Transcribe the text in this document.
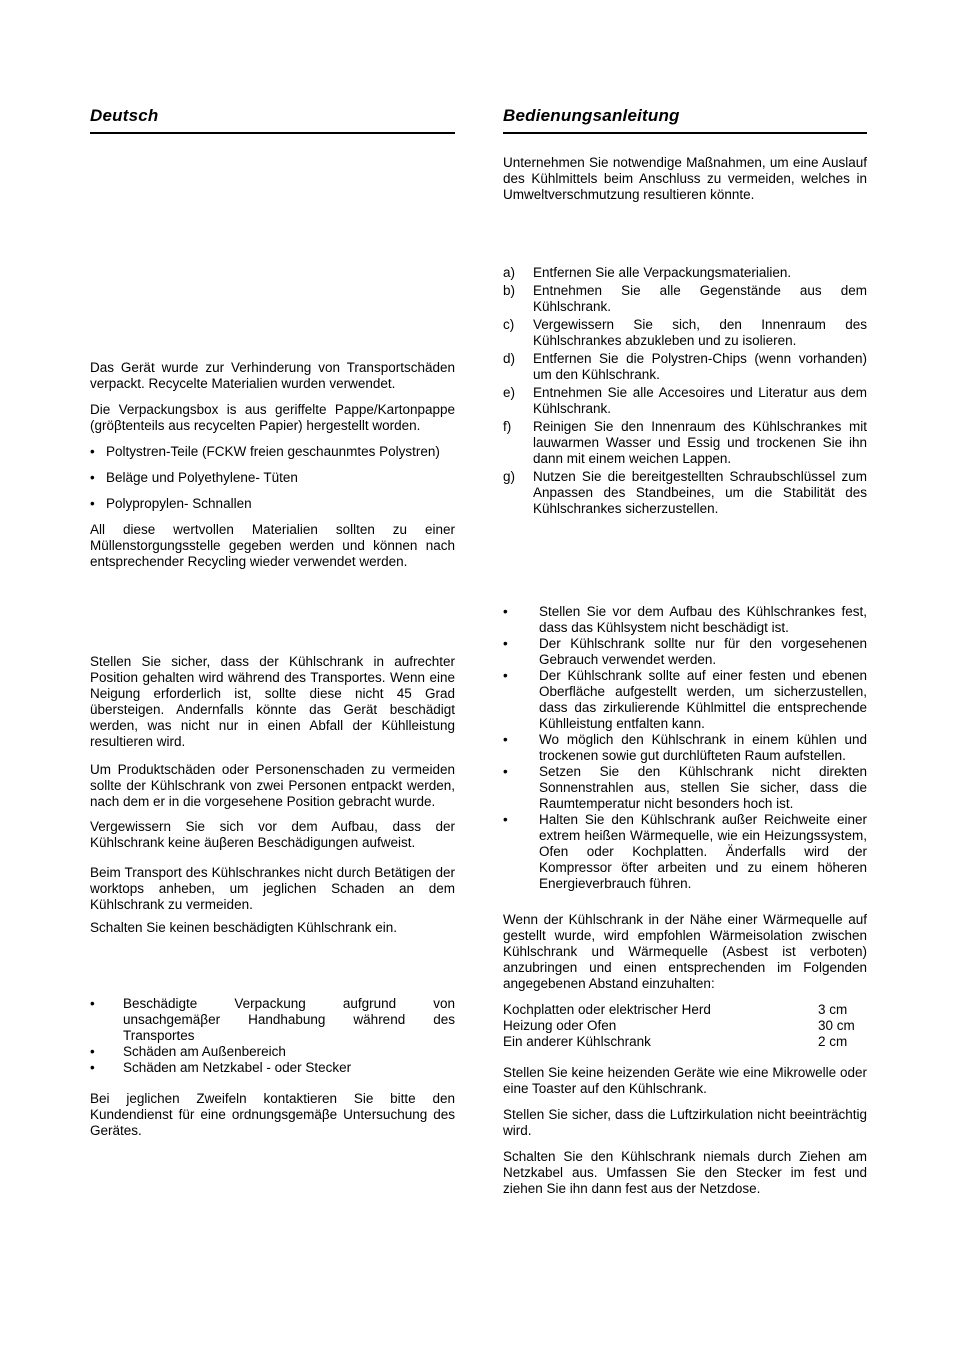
Deutsch

Das Gerät wurde zur Verhinderung von Transportschäden verpackt. Recycelte Materialien wurden verwendet.

Die Verpackungsbox is aus geriffelte Pappe/Kartonpappe (gröβtenteils aus recycelten Papier) hergestellt worden.

• Poltystren-Teile (FCKW freien geschaunmtes Polystren)
• Beläge und Polyethylene- Tüten
• Polypropylen- Schnallen

All diese wertvollen Materialien sollten zu einer Müllenstorgungsstelle gegeben werden und können nach entsprechender Recycling wieder verwendet werden.

Stellen Sie sicher, dass der Kühlschrank in aufrechter Position gehalten wird während des Transportes. Wenn eine Neigung erforderlich ist, sollte diese nicht 45 Grad übersteigen. Andernfalls könnte das Gerät beschädigt werden, was nicht nur in einen Abfall der Kühlleistung resultieren wird.

Um Produktschäden oder Personenschaden zu vermeiden sollte der Kühlschrank von zwei Personen entpackt werden, nach dem er in die vorgesehene Position gebracht wurde.

Vergewissern Sie sich vor dem Aufbau, dass der Kühlschrank keine äuβeren Beschädigungen aufweist.

Beim Transport des Kühlschrankes nicht durch Betätigen der worktops anheben, um jeglichen Schaden an dem Kühlschrank zu vermeiden.

Schalten Sie keinen beschädigten Kühlschrank ein.

•	Beschädigte Verpackung aufgrund von unsachgemäβer Handhabung während des Transportes
•	Schäden am Außenbereich
•	Schäden am Netzkabel - oder Stecker

Bei jeglichen Zweifeln kontaktieren Sie bitte den Kundendienst für eine ordnungsgemäβe Untersuchung des Gerätes.

Bedienungsanleitung

Unternehmen Sie notwendige Maßnahmen, um eine Auslauf des Kühlmittels beim Anschluss zu vermeiden, welches in Umweltverschmutzung resultieren könnte.

a)	Entfernen Sie alle Verpackungsmaterialien.
b)	Entnehmen Sie alle Gegenstände aus dem Kühlschrank.
c)	Vergewissern Sie sich, den Innenraum des Kühlschrankes abzukleben und zu isolieren.
d)	Entfernen Sie die Polystren-Chips (wenn vorhanden) um den Kühlschrank.
e)	Entnehmen Sie alle Accesoires und Literatur aus dem Kühlschrank.
f)	Reinigen Sie den Innenraum des Kühlschrankes mit lauwarmen Wasser und Essig und trockenen Sie ihn dann mit einem weichen Lappen.
g)	Nutzen Sie die bereitgestellten Schraubschlüssel zum Anpassen des Standbeines, um die Stabilität des Kühlschrankes sicherzustellen.
•	Stellen Sie vor dem Aufbau des Kühlschrankes fest, dass das Kühlsystem nicht beschädigt ist.
•	Der Kühlschrank sollte nur für den vorgesehenen Gebrauch verwendet werden.
•	Der Kühlschrank sollte auf einer festen und ebenen Oberfläche aufgestellt werden, um sicherzustellen, dass das zirkulierende Kühlmittel die entsprechende Kühlleistung entfalten kann.
•	Wo möglich den Kühlschrank in einem kühlen und trockenen sowie gut durchlüfteten Raum aufstellen.
•	Setzen Sie den Kühlschrank nicht direkten Sonnenstrahlen aus, stellen Sie sicher, dass die Raumtemperatur nicht besonders hoch ist.
•	Halten Sie den Kühlschrank außer Reichweite einer extrem heißen Wärmequelle, wie ein Heizungssystem, Ofen oder Kochplatten. Änderfalls wird der Kompressor öfter arbeiten und zu einem höheren Energieverbrauch führen.

Wenn der Kühlschrank in der Nähe einer Wärmequelle auf gestellt wurde, wird empfohlen Wärmeisolation zwischen Kühlschrank und Wärmequelle (Asbest ist verboten) anzubringen und einen entsprechenden im Folgenden angegebenen Abstand einzuhalten:

Kochplatten oder elektrischer Herd	3 cm
Heizung oder Ofen	30 cm
Ein anderer Kühlschrank	2 cm

Stellen Sie keine heizenden Geräte wie eine Mikrowelle oder eine Toaster auf den Kühlschrank.

Stellen Sie sicher, dass die Luftzirkulation nicht beeinträchtig wird.

Schalten Sie den Kühlschrank niemals durch Ziehen am Netzkabel aus. Umfassen Sie den Stecker im fest und ziehen Sie ihn dann fest aus der Netzdose.
